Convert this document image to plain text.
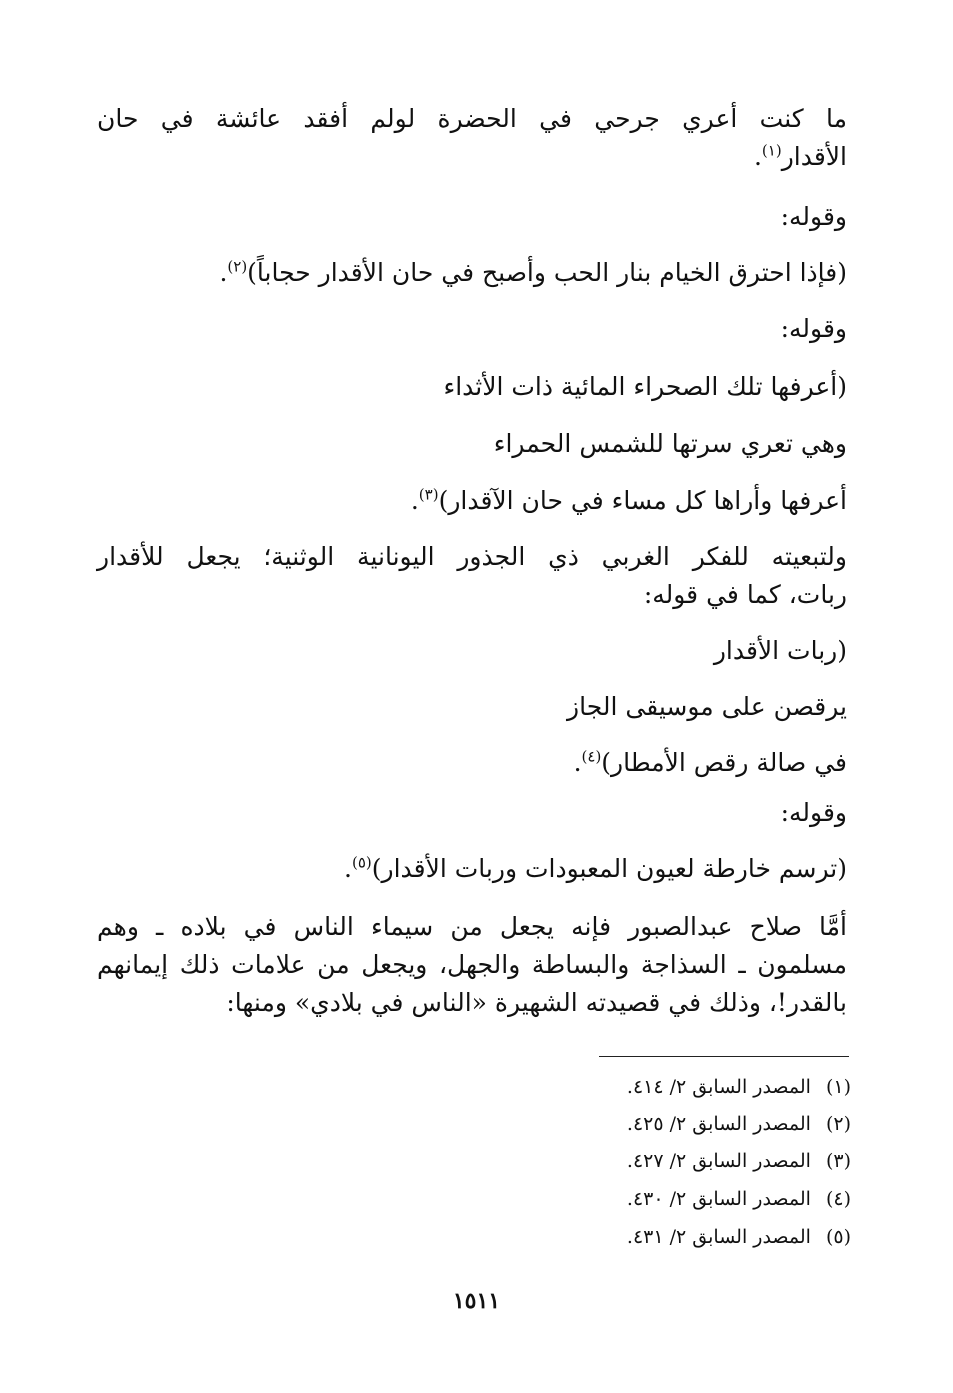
ما كنت أعري جرحي في الحضرة لولم أفقد عائشة في حان
الأقدار$^{(١)}$.
وقوله:
(فإذا احترق الخيام بنار الحب وأصبح في حان الأقدار حجاباً)$^{(٢)}$.
وقوله:
(أعرفها تلك الصحراء المائية ذات الأثداء
وهي تعري سرتها للشمس الحمراء
أعرفها وأراها كل مساء في حان الآقدار)$^{(٣)}$.
ولتبعيته للفكر الغربي ذي الجذور اليونانية الوثنية؛ يجعل للأقدار
ربات، كما في قوله:
(ربات الأقدار
يرقصن على موسيقى الجاز
في صالة رقص الأمطار)$^{(٤)}$.
وقوله:
(ترسم خارطة لعيون المعبودات وربات الأقدار)$^{(٥)}$.
أمَّا صلاح عبدالصبور فإنه يجعل من سيماء الناس في بلاده ـ وهم
مسلمون ـ السذاجة والبساطة والجهل، ويجعل من علامات ذلك إيمانهم
بالقدر!، وذلك في قصيدته الشهيرة «الناس في بلادي» ومنها:
(١) المصدر السابق ٢/ ٤١٤.
(٢) المصدر السابق ٢/ ٤٢٥.
(٣) المصدر السابق ٢/ ٤٢٧.
(٤) المصدر السابق ٢/ ٤٣٠.
(٥) المصدر السابق ٢/ ٤٣١.
١٥١١
